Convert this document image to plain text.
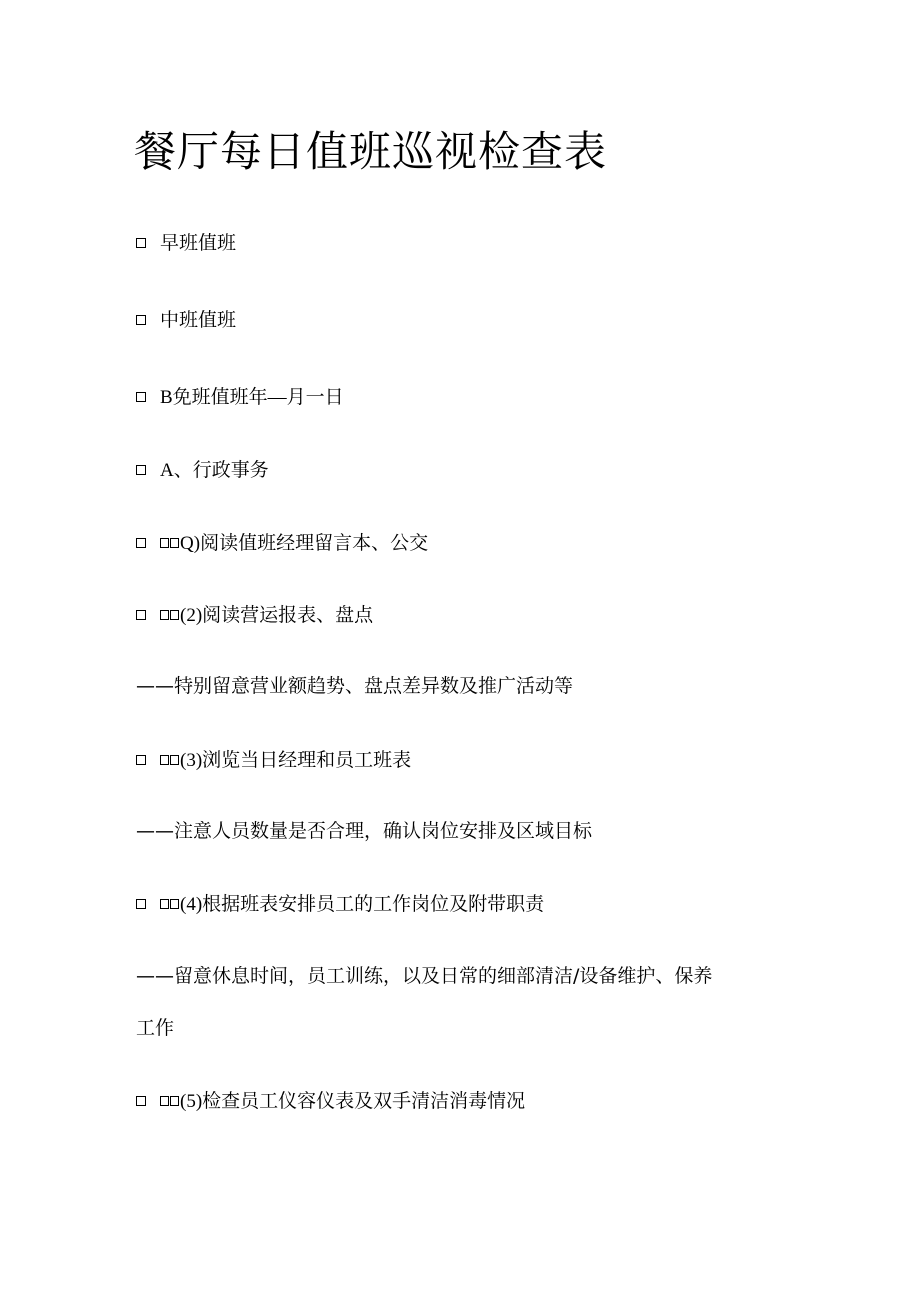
餐厅每日值班巡视检查表
早班值班
中班值班
B免班值班年—月一日
A、行政事务
Q)阅读值班经理留言本、公交
(2)阅读营运报表、盘点
——特别留意营业额趋势、盘点差异数及推广活动等
(3)浏览当日经理和员工班表
——注意人员数量是否合理，确认岗位安排及区域目标
(4)根据班表安排员工的工作岗位及附带职责
——留意休息时间，员工训练，以及日常的细部清洁/设备维护、保养
工作
(5)检查员工仪容仪表及双手清洁消毒情况
